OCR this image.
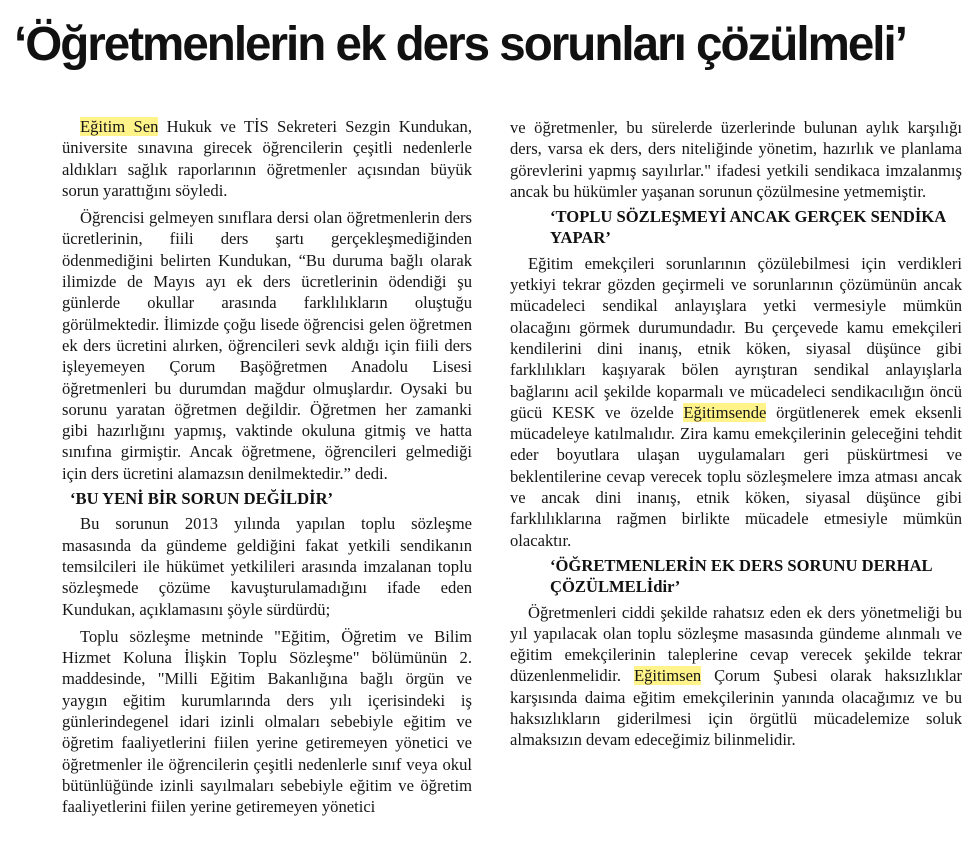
‘Öğretmenlerin ek ders sorunları çözülmeli’

Eğitim Sen Hukuk ve TİS Sekreteri Sezgin Kundukan, üniversite sınavına girecek öğrencilerin çeşitli nedenlerle aldıkları sağlık raporlarının öğretmenler açısından büyük sorun yarattığını söyledi.

Öğrencisi gelmeyen sınıflara dersi olan öğretmenlerin ders ücretlerinin, fiili ders şartı gerçekleşmediğinden ödenmediğini belirten Kundukan, “Bu duruma bağlı olarak ilimizde de Mayıs ayı ek ders ücretlerinin ödendiği şu günlerde okullar arasında farklılıkların oluştuğu görülmektedir. İlimizde çoğu lisede öğrencisi gelen öğretmen ek ders ücretini alırken, öğrencileri sevk aldığı için fiili ders işleyemeyen Çorum Başöğretmen Anadolu Lisesi öğretmenleri bu durumdan mağdur olmuşlardır. Oysaki bu sorunu yaratan öğretmen değildir. Öğretmen her zamanki gibi hazırlığını yapmış, vaktinde okuluna gitmiş ve hatta sınıfına girmiştir. Ancak öğretmene, öğrencileri gelmediği için ders ücretini alamazsın denilmektedir.” dedi.

‘BU YENİ BİR SORUN DEĞİLDİR’

Bu sorunun 2013 yılında yapılan toplu sözleşme masasında da gündeme geldiğini fakat yetkili sendikanın temsilcileri ile hükümet yetkilileri arasında imzalanan toplu sözleşmede çözüme kavuşturulamadığını ifade eden Kundukan, açıklamasını şöyle sürdürdü;

Toplu sözleşme metninde "Eğitim, Öğretim ve Bilim Hizmet Koluna İlişkin Toplu Sözleşme" bölümünün 2. maddesinde, "Milli Eğitim Bakanlığına bağlı örgün ve yaygın eğitim kurumlarında ders yılı içerisindeki iş günlerindegenel idari izinli olmaları sebebiyle eğitim ve öğretim faaliyetlerini fiilen yerine getiremeyen yönetici ve öğretmenler ile öğrencilerin çeşitli nedenlerle sınıf veya okul bütünlüğünde izinli sayılmaları sebebiyle eğitim ve öğretim faaliyetlerini fiilen yerine getiremeyen yönetici

ve öğretmenler, bu sürelerde üzerlerinde bulunan aylık karşılığı ders, varsa ek ders, ders niteliğinde yönetim, hazırlık ve planlama görevlerini yapmış sayılırlar." ifadesi yetkili sendikaca imzalanmış ancak bu hükümler yaşanan sorunun çözülmesine yetmemiştir.

‘TOPLU SÖZLEŞMEYİ ANCAK GERÇEK SENDİKA YAPAR’

Eğitim emekçileri sorunlarının çözülebilmesi için verdikleri yetkiyi tekrar gözden geçirmeli ve sorunlarının çözümünün ancak mücadeleci sendikal anlayışlara yetki vermesiyle mümkün olacağını görmek durumundadır. Bu çerçevede kamu emekçileri kendilerini dini inanış, etnik köken, siyasal düşünce gibi farklılıkları kaşıyarak bölen ayrıştıran sendikal anlayışlarla bağlarını acil şekilde koparmalı ve mücadeleci sendikacılığın öncü gücü KESK ve özelde Eğitimsende örgütlenerek emek eksenli mücadeleye katılmalıdır. Zira kamu emekçilerinin geleceğini tehdit eder boyutlara ulaşan uygulamaları geri püskürtmesi ve beklentilerine cevap verecek toplu sözleşmelere imza atması ancak ve ancak dini inanış, etnik köken, siyasal düşünce gibi farklılıklarına rağmen birlikte mücadele etmesiyle mümkün olacaktır.

‘ÖĞRETMENLERİN EK DERS SORUNU DERHAL ÇÖZÜLMELİdir’

Öğretmenleri ciddi şekilde rahatsız eden ek ders yönetmeliği bu yıl yapılacak olan toplu sözleşme masasında gündeme alınmalı ve eğitim emekçilerinin taleplerine cevap verecek şekilde tekrar düzenlenmelidir. Eğitimsen Çorum Şubesi olarak haksızlıklar karşısında daima eğitim emekçilerinin yanında olacağımız ve bu haksızlıkların giderilmesi için örgütlü mücadelemize soluk almaksızın devam edeceğimiz bilinmelidir.
